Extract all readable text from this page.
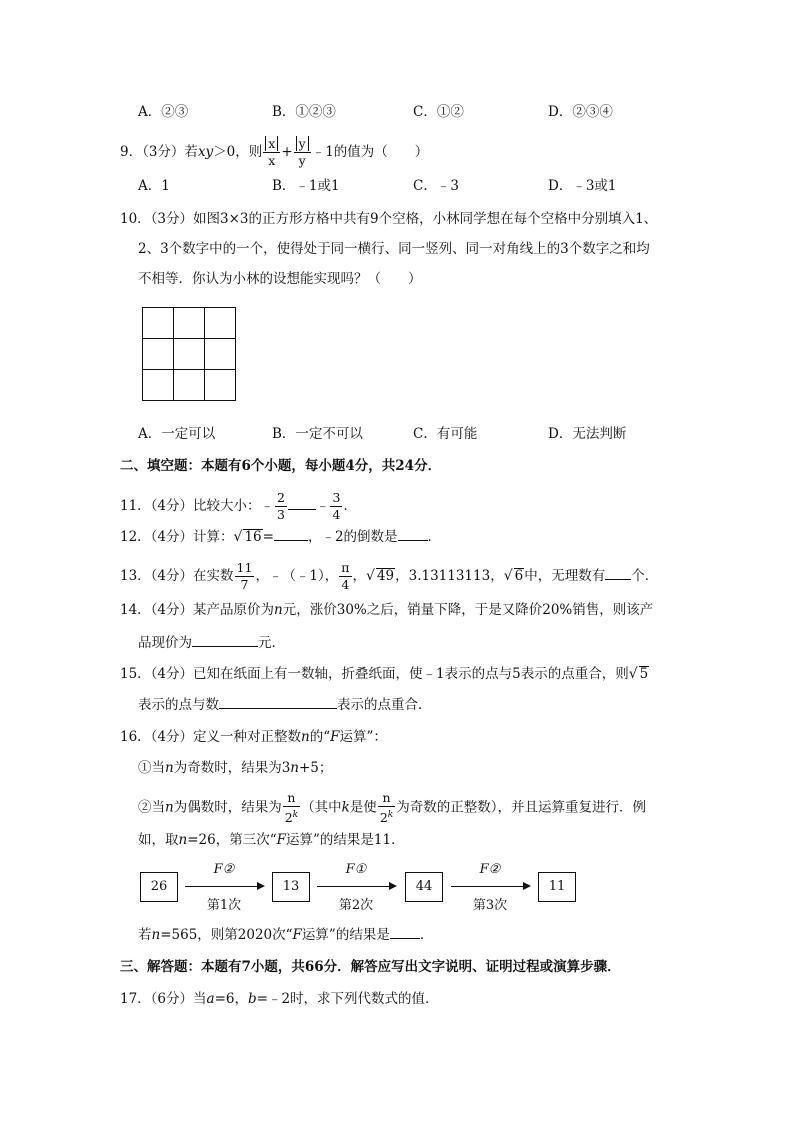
A．②③	B．①②③	C．①②	D．②③④
9．（3分）若xy＞0，则 $\frac{x}{x} + \frac{y}{y}$ ﹣1的值为（　　）
A．1	B．﹣1或1	C．﹣3	D．﹣3或1
10．（3分）如图3×3的正方形方格中共有9个空格，小林同学想在每个空格中分别填入1、
2、3个数字中的一个，使得处于同一横行、同一竖列、同一对角线上的3个数字之和均
不相等．你认为小林的设想能实现吗？（　　）

A．一定可以	B．一定不可以	C．有可能	D．无法判断
二、填空题：本题有6个小题，每小题4分，共24分．
11．（4分）比较大小：﹣ $\frac{2}{3}$ ﹣ $\frac{3}{4}$ ．
12．（4分）计算：√ 16=	，﹣2的倒数是 ．
13．（4分）在实数 $\frac{11}{7}$ ，﹣（﹣1）， $\frac{\pi}{4}$ ，√ 49，3.13113113，√ 6中，无理数有 个．
14．（4分）某产品原价为n元，涨价30%之后，销量下降，于是又降价20%销售，则该产
品现价为	元．
15．（4分）已知在纸面上有一数轴，折叠纸面，使﹣1表示的点与5表示的点重合，则√ 5
表示的点与数	表示的点重合．
16．（4分）定义一种对正整数n的“F运算”：
①当n为奇数时，结果为3n+5；
②当n为偶数时，结果为 $\frac{n}{2^k}$ （其中k是使 $\frac{n}{2^k}$ 为奇数的正整数），并且运算重复进行．例
如，取n=26，第三次“F运算”的结果是11．
26	13	44	11
F②	F①	F②
第1次	第2次	第3次
若n=565，则第2020次“F运算”的结果是 ．
三、解答题：本题有7小题，共66分．解答应写出文字说明、证明过程或演算步骤．
17．（6分）当a=6，b=﹣2时，求下列代数式的值．
